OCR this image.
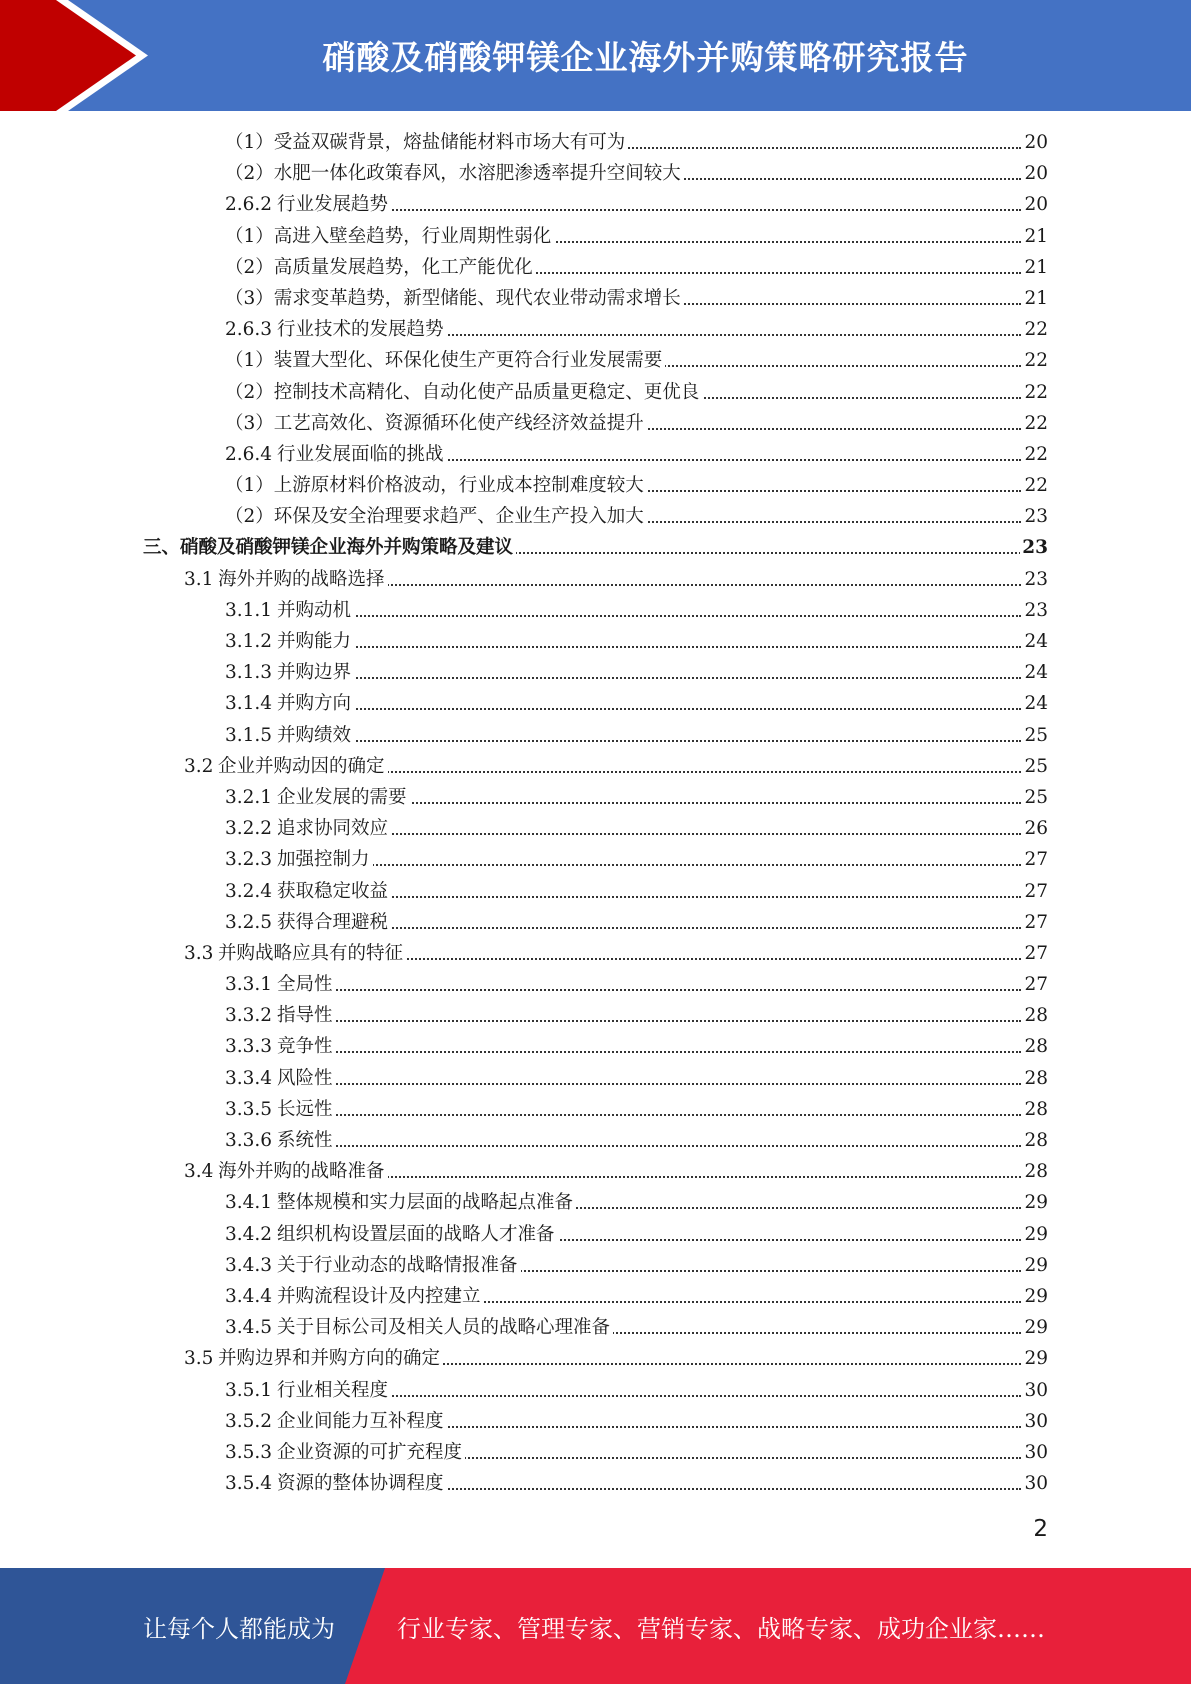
硝酸及硝酸钾镁企业海外并购策略研究报告
（1）受益双碳背景，熔盐储能材料市场大有可为	20
（2）水肥一体化政策春风，水溶肥渗透率提升空间较大	20
2.6.2 行业发展趋势	20
（1）高进入壁垒趋势，行业周期性弱化	21
（2）高质量发展趋势，化工产能优化	21
（3）需求变革趋势，新型储能、现代农业带动需求增长	21
2.6.3 行业技术的发展趋势	22
（1）装置大型化、环保化使生产更符合行业发展需要	22
（2）控制技术高精化、自动化使产品质量更稳定、更优良	22
（3）工艺高效化、资源循环化使产线经济效益提升	22
2.6.4 行业发展面临的挑战	22
（1）上游原材料价格波动，行业成本控制难度较大	22
（2）环保及安全治理要求趋严、企业生产投入加大	23
三、硝酸及硝酸钾镁企业海外并购策略及建议	23
3.1 海外并购的战略选择	23
3.1.1 并购动机	23
3.1.2 并购能力	24
3.1.3 并购边界	24
3.1.4 并购方向	24
3.1.5 并购绩效	25
3.2 企业并购动因的确定	25
3.2.1 企业发展的需要	25
3.2.2 追求协同效应	26
3.2.3 加强控制力	27
3.2.4 获取稳定收益	27
3.2.5 获得合理避税	27
3.3 并购战略应具有的特征	27
3.3.1 全局性	27
3.3.2 指导性	28
3.3.3 竞争性	28
3.3.4 风险性	28
3.3.5 长远性	28
3.3.6 系统性	28
3.4 海外并购的战略准备	28
3.4.1 整体规模和实力层面的战略起点准备	29
3.4.2 组织机构设置层面的战略人才准备	29
3.4.3 关于行业动态的战略情报准备	29
3.4.4 并购流程设计及内控建立	29
3.4.5 关于目标公司及相关人员的战略心理准备	29
3.5 并购边界和并购方向的确定	29
3.5.1 行业相关程度	30
3.5.2 企业间能力互补程度	30
3.5.3 企业资源的可扩充程度	30
3.5.4 资源的整体协调程度	30
2
让每个人都能成为	行业专家、管理专家、营销专家、战略专家、成功企业家……
